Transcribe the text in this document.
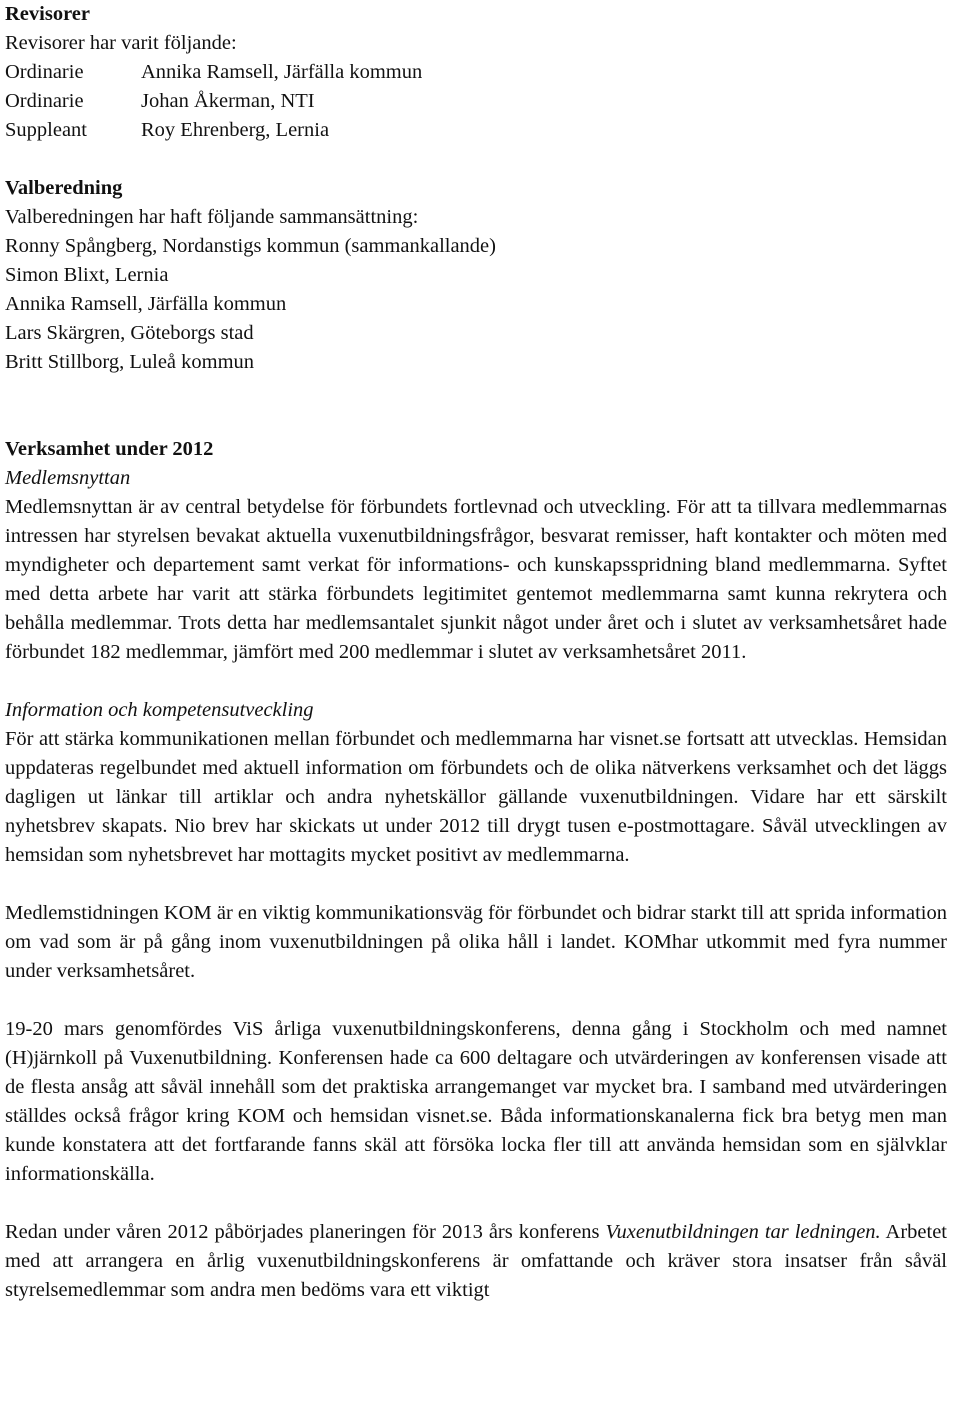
Revisorer
Revisorer har varit följande:
Ordinarie	Annika Ramsell, Järfälla kommun
Ordinarie	Johan Åkerman, NTI
Suppleant	Roy Ehrenberg, Lernia
Valberedning
Valberedningen har haft följande sammansättning:
Ronny Spångberg, Nordanstigs kommun (sammankallande)
Simon Blixt, Lernia
Annika Ramsell, Järfälla kommun
Lars Skärgren, Göteborgs stad
Britt Stillborg, Luleå kommun
Verksamhet under 2012
Medlemsnyttan

Medlemsnyttan är av central betydelse för förbundets fortlevnad och utveckling. För att ta tillvara medlemmarnas intressen har styrelsen bevakat aktuella vuxenutbildningsfrågor, besvarat remisser, haft kontakter och möten med myndigheter och departement samt verkat för informations- och kunskapsspridning bland medlemmarna. Syftet med detta arbete har varit att stärka förbundets legitimitet gentemot medlemmarna samt kunna rekrytera och behålla medlemmar. Trots detta har medlemsantalet sjunkit något under året och i slutet av verksamhetsåret hade förbundet 182 medlemmar, jämfört med 200 medlemmar i slutet av verksamhetsåret 2011.

Information och kompetensutveckling

För att stärka kommunikationen mellan förbundet och medlemmarna har visnet.se fortsatt att utvecklas. Hemsidan uppdateras regelbundet med aktuell information om förbundets och de olika nätverkens verksamhet och det läggs dagligen ut länkar till artiklar och andra nyhetskällor gällande vuxenutbildningen. Vidare har ett särskilt nyhetsbrev skapats. Nio brev har skickats ut under 2012 till drygt tusen e-postmottagare. Såväl utvecklingen av hemsidan som nyhetsbrevet har mottagits mycket positivt av medlemmarna.

Medlemstidningen KOM är en viktig kommunikationsväg för förbundet och bidrar starkt till att sprida information om vad som är på gång inom vuxenutbildningen på olika håll i landet. KOMhar utkommit med fyra nummer under verksamhetsåret.

19-20 mars genomfördes ViS årliga vuxenutbildningskonferens, denna gång i Stockholm och med namnet (H)järnkoll på Vuxenutbildning. Konferensen hade ca 600 deltagare och utvärderingen av konferensen visade att de flesta ansåg att såväl innehåll som det praktiska arrangemanget var mycket bra. I samband med utvärderingen ställdes också frågor kring KOM och hemsidan visnet.se. Båda informationskanalerna fick bra betyg men man kunde konstatera att det fortfarande fanns skäl att försöka locka fler till att använda hemsidan som en självklar informationskälla.

Redan under våren 2012 påbörjades planeringen för 2013 års konferens Vuxenutbildningen tar ledningen. Arbetet med att arrangera en årlig vuxenutbildningskonferens är omfattande och kräver stora insatser från såväl styrelsemedlemmar som andra men bedöms vara ett viktigt
